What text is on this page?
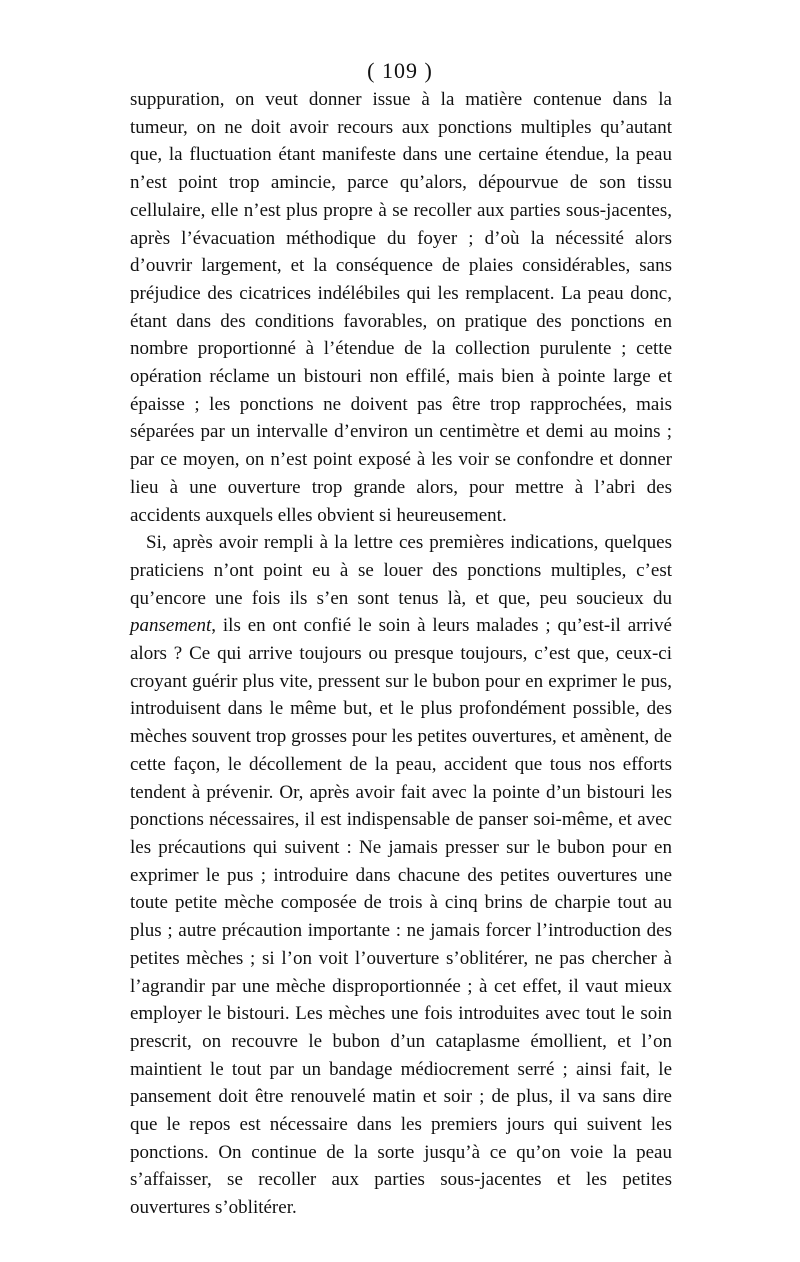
( 109 )

suppuration, on veut donner issue à la matière contenue dans la tumeur, on ne doit avoir recours aux ponctions multiples qu’autant que, la fluctuation étant manifeste dans une certaine étendue, la peau n’est point trop amincie, parce qu’alors, dépourvue de son tissu cellulaire, elle n’est plus propre à se recoller aux parties sous-jacentes, après l’évacuation méthodique du foyer ; d’où la nécessité alors d’ouvrir largement, et la conséquence de plaies considérables, sans préjudice des cicatrices indélébiles qui les remplacent. La peau donc, étant dans des conditions favorables, on pratique des ponctions en nombre proportionné à l’étendue de la collection purulente ; cette opération réclame un bistouri non effilé, mais bien à pointe large et épaisse ; les ponctions ne doivent pas être trop rapprochées, mais séparées par un intervalle d’environ un centimètre et demi au moins ; par ce moyen, on n’est point exposé à les voir se confondre et donner lieu à une ouverture trop grande alors, pour mettre à l’abri des accidents auxquels elles obvient si heureusement.

Si, après avoir rempli à la lettre ces premières indications, quelques praticiens n’ont point eu à se louer des ponctions multiples, c’est qu’encore une fois ils s’en sont tenus là, et que, peu soucieux du pansement, ils en ont confié le soin à leurs malades ; qu’est-il arrivé alors ? Ce qui arrive toujours ou presque toujours, c’est que, ceux-ci croyant guérir plus vite, pressent sur le bubon pour en exprimer le pus, introduisent dans le même but, et le plus profondément possible, des mèches souvent trop grosses pour les petites ouvertures, et amènent, de cette façon, le décollement de la peau, accident que tous nos efforts tendent à prévenir. Or, après avoir fait avec la pointe d’un bistouri les ponctions nécessaires, il est indispensable de panser soi-même, et avec les précautions qui suivent : Ne jamais presser sur le bubon pour en exprimer le pus ; introduire dans chacune des petites ouvertures une toute petite mèche composée de trois à cinq brins de charpie tout au plus ; autre précaution importante : ne jamais forcer l’introduction des petites mèches ; si l’on voit l’ouverture s’oblitérer, ne pas chercher à l’agrandir par une mèche disproportionnée ; à cet effet, il vaut mieux employer le bistouri. Les mèches une fois introduites avec tout le soin prescrit, on recouvre le bubon d’un cataplasme émollient, et l’on maintient le tout par un bandage médiocrement serré ; ainsi fait, le pansement doit être renouvelé matin et soir ; de plus, il va sans dire que le repos est nécessaire dans les premiers jours qui suivent les ponctions. On continue de la sorte jusqu’à ce qu’on voie la peau s’affaisser, se recoller aux parties sous-jacentes et les petites ouvertures s’oblitérer.
